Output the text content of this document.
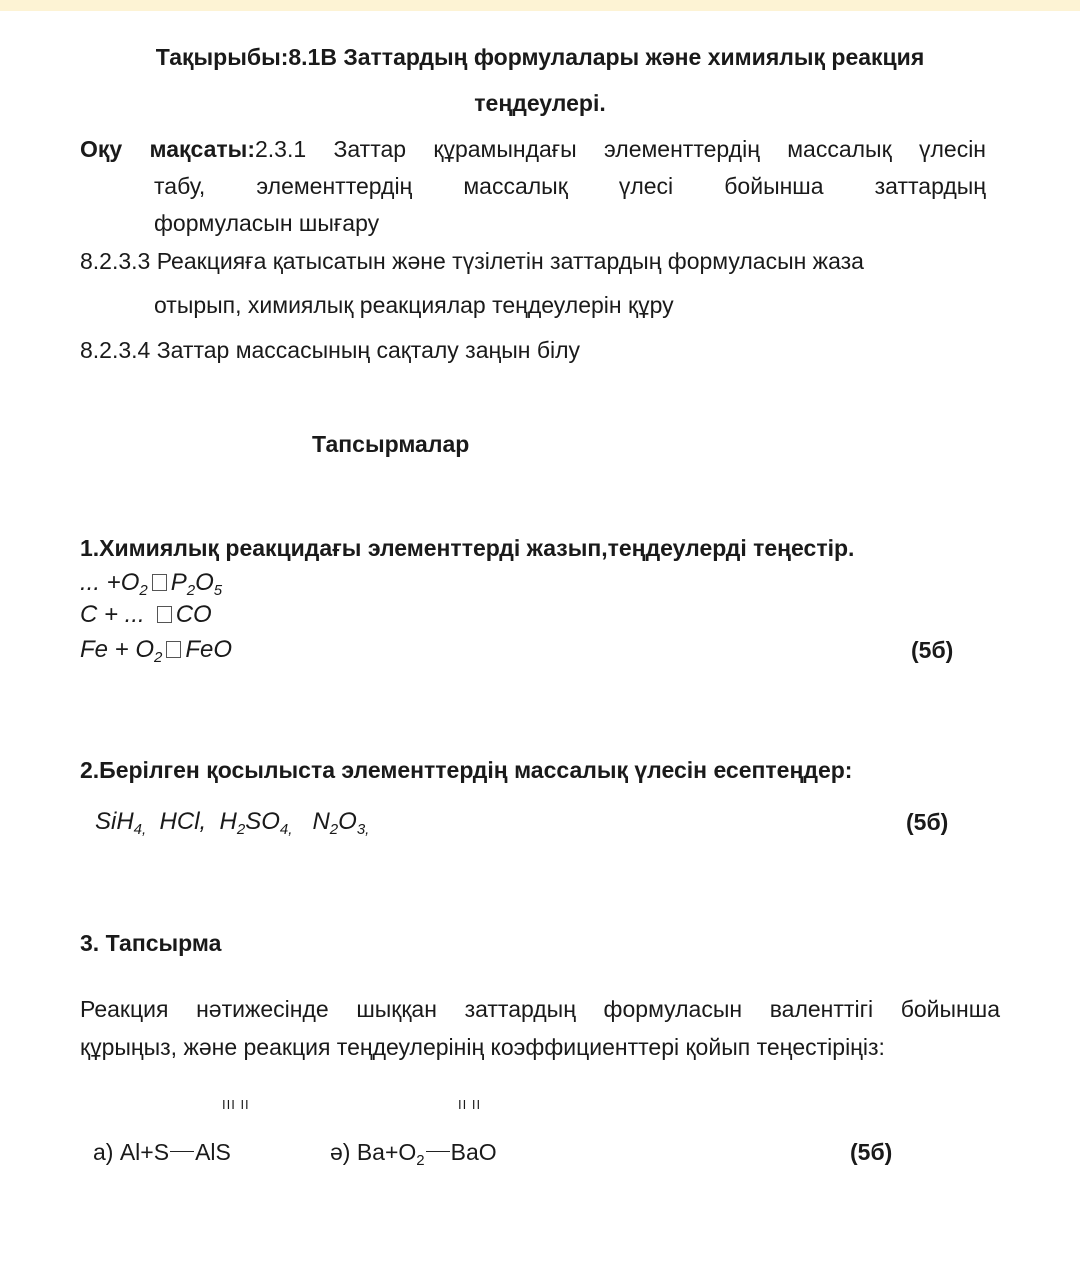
Тақырыбы:8.1В Заттардың формулалары және химиялық реакция
теңдеулері.
Оқу мақсаты:2.3.1 Заттар құрамындағы элементтердің массалық үлесін
табу, элементтердің массалық үлесі бойынша заттардың
формуласын шығару
8.2.3.3 Реакцияға қатысатын және түзілетін заттардың формуласын жаза
отырып, химиялық реакциялар теңдеулерін құру
8.2.3.4 Заттар массасының сақталу заңын білу
Тапсырмалар
1.Химиялық реакцидағы элементтерді жазып,теңдеулерді теңестір.
... $+O_2$ $P_2O_5$
C + ... CO
$Fe + O_2$ FeO	(5б)
2.Берілген қосылыста элементтердің массалық үлесін есептеңдер:
SiH$_{4,}$ HCl, $H_2SO_{4,}$ $N_2O_{3,}$	(5б)
3. Тапсырма
Реакция нәтижесінде шыққан заттардың формуласын валенттігі бойынша
құрыңыз, және реакция теңдеулерінің коэффициенттері қойып теңестіріңіз:
III II	II II
а) Al+S AlS	ә) $Ba+O_2$ BaO	(5б)
